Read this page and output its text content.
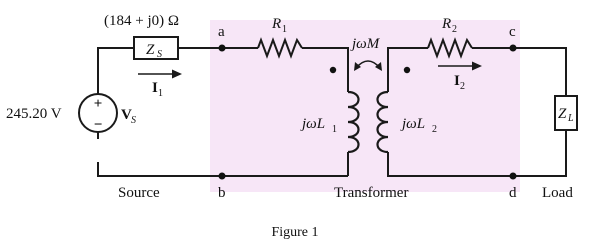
+
−
245.20 V	V S
Z S
(184 + j0) Ω
I 1
R 1
jωL 1	jωL 2
jωM
R 2
I 2
Z L
a
b
c
d
Source	Transformer	Load
Figure 1
